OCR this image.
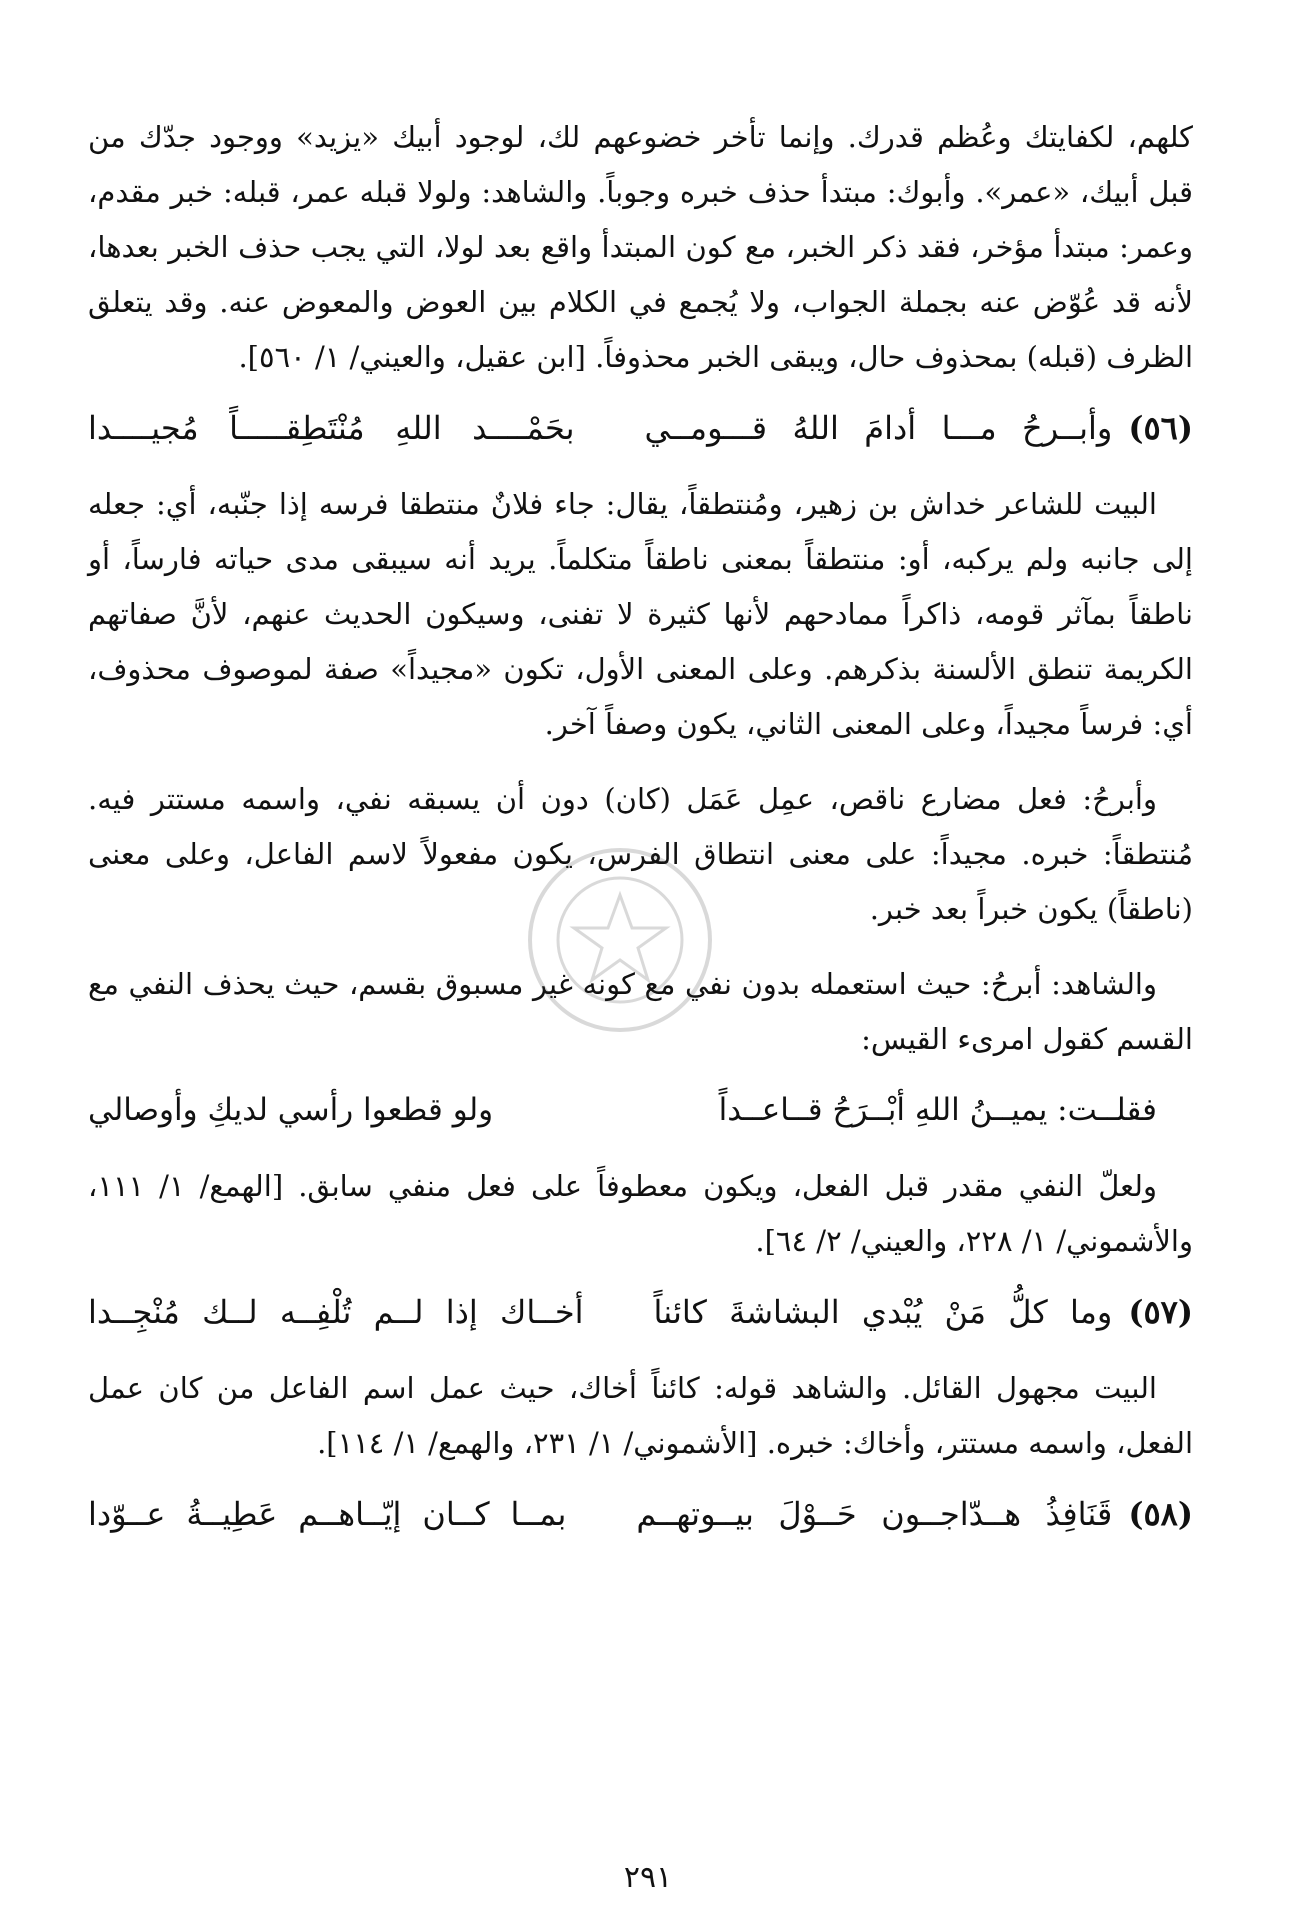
كلهم، لكفايتك وعُظم قدرك. وإنما تأخر خضوعهم لك، لوجود أبيك «يزيد» ووجود جدّك من قبل أبيك، «عمر». وأبوك: مبتدأ حذف خبره وجوباً. والشاهد: ولولا قبله عمر، قبله: خبر مقدم، وعمر: مبتدأ مؤخر، فقد ذكر الخبر، مع كون المبتدأ واقع بعد لولا، التي يجب حذف الخبر بعدها، لأنه قد عُوّض عنه بجملة الجواب، ولا يُجمع في الكلام بين العوض والمعوض عنه. وقد يتعلق الظرف (قبله) بمحذوف حال، ويبقى الخبر محذوفاً. [ابن عقيل، والعيني/ ١/ ٥٦٠].

(٥٦)
وأبــرحُ مـــا أدامَ اللهُ قـــومــي
بحَمْــــد اللهِ مُنْتَطِقـــــاً مُجيــــدا

البيت للشاعر خداش بن زهير، ومُنتطقاً، يقال: جاء فلانٌ منتطقا فرسه إذا جنّبه، أي: جعله إلى جانبه ولم يركبه، أو: منتطقاً بمعنى ناطقاً متكلماً. يريد أنه سيبقى مدى حياته فارساً، أو ناطقاً بمآثر قومه، ذاكراً ممادحهم لأنها كثيرة لا تفنى، وسيكون الحديث عنهم، لأنَّ صفاتهم الكريمة تنطق الألسنة بذكرهم. وعلى المعنى الأول، تكون «مجيداً» صفة لموصوف محذوف، أي: فرساً مجيداً، وعلى المعنى الثاني، يكون وصفاً آخر.

وأبرحُ: فعل مضارع ناقص، عمِل عَمَل (كان) دون أن يسبقه نفي، واسمه مستتر فيه. مُنتطقاً: خبره. مجيداً: على معنى انتطاق الفرس، يكون مفعولاً لاسم الفاعل، وعلى معنى (ناطقاً) يكون خبراً بعد خبر.

والشاهد: أبرحُ: حيث استعمله بدون نفي مع كونه غير مسبوق بقسم، حيث يحذف النفي مع القسم كقول امرىء القيس:

فقلــت: يميــنُ اللهِ أبْــرَحُ قــاعــداً
ولو قطعوا رأسي لديكِ وأوصالي

ولعلّ النفي مقدر قبل الفعل، ويكون معطوفاً على فعل منفي سابق. [الهمع/ ١/ ١١١، والأشموني/ ١/ ٢٢٨، والعيني/ ٢/ ٦٤].

(٥٧)
وما كلُّ مَنْ يُبْدي البشاشةَ كائناً
أخــاك إذا لــم تُلْفِــه لــك مُنْجِــدا

البيت مجهول القائل. والشاهد قوله: كائناً أخاك، حيث عمل اسم الفاعل من كان عمل الفعل، واسمه مستتر، وأخاك: خبره. [الأشموني/ ١/ ٢٣١، والهمع/ ١/ ١١٤].

(٥٨)
قَنَافِذُ هــدّاجــون حَــوْلَ بيــوتهــم
بمــا كــان إيّــاهــم عَطِيــةُ عــوّدا
٢٩١
